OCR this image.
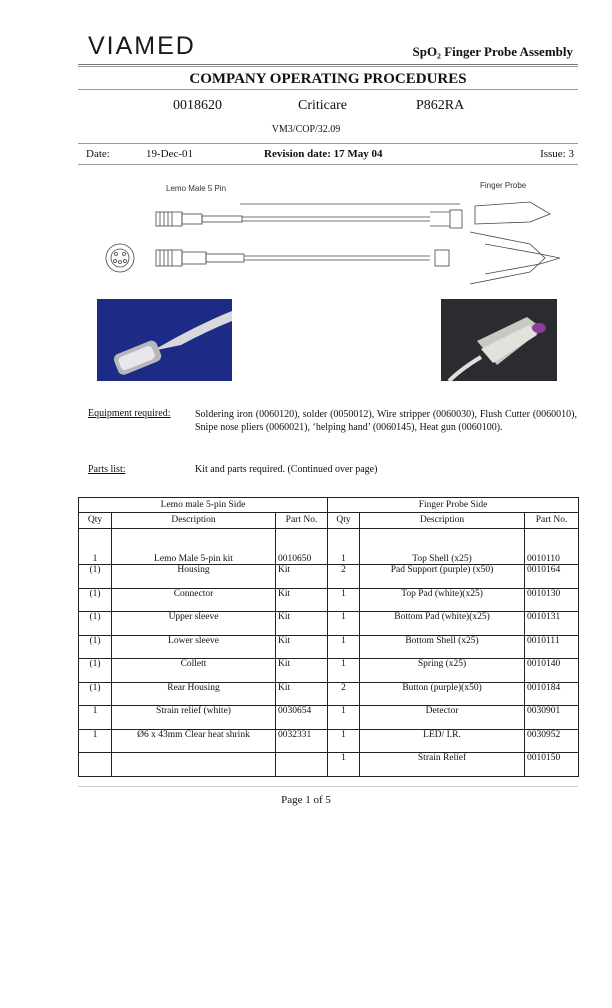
VIAMED	SpO₂ Finger Probe Assembly
COMPANY OPERATING PROCEDURES
0018620	Criticare	P862RA
VM3/COP/32.09
Date:	19-Dec-01	Revision date: 17 May 04	Issue: 3
Lemo Male 5 Pin	Finger Probe
Equipment required: Soldering iron (0060120), solder (0050012), Wire stripper (0060030), Flush Cutter (0060010), Snipe nose pliers (0060021), ‘helping hand’ (0060145), Heat gun (0060100).
Parts list:	Kit and parts required. (Continued over page)
Lemo male 5-pin Side			Finger Probe Side		
Qty	Description	Part No.	Qty	Description	Part No.
1	Lemo Male 5-pin kit	0010650	1	Top Shell (x25)	0010110
(1)	Housing	Kit	2	Pad Support (purple) (x50)	0010164
(1)	Connector	Kit	1	Top Pad (white)(x25)	0010130
(1)	Upper sleeve	Kit	1	Bottom Pad (white)(x25)	0010131
(1)	Lower sleeve	Kit	1	Bottom Shell (x25)	0010111
(1)	Collett	Kit	1	Spring (x25)	0010140
(1)	Rear Housing	Kit	2	Button (purple)(x50)	0010184
1	Strain relief (white)	0030654	1	Detector	0030901
1	Ø6 x 43mm Clear heat shrink	0032331	1	LED/ I.R.	0030952
			1	Strain Relief	0010150
Page 1 of 5
